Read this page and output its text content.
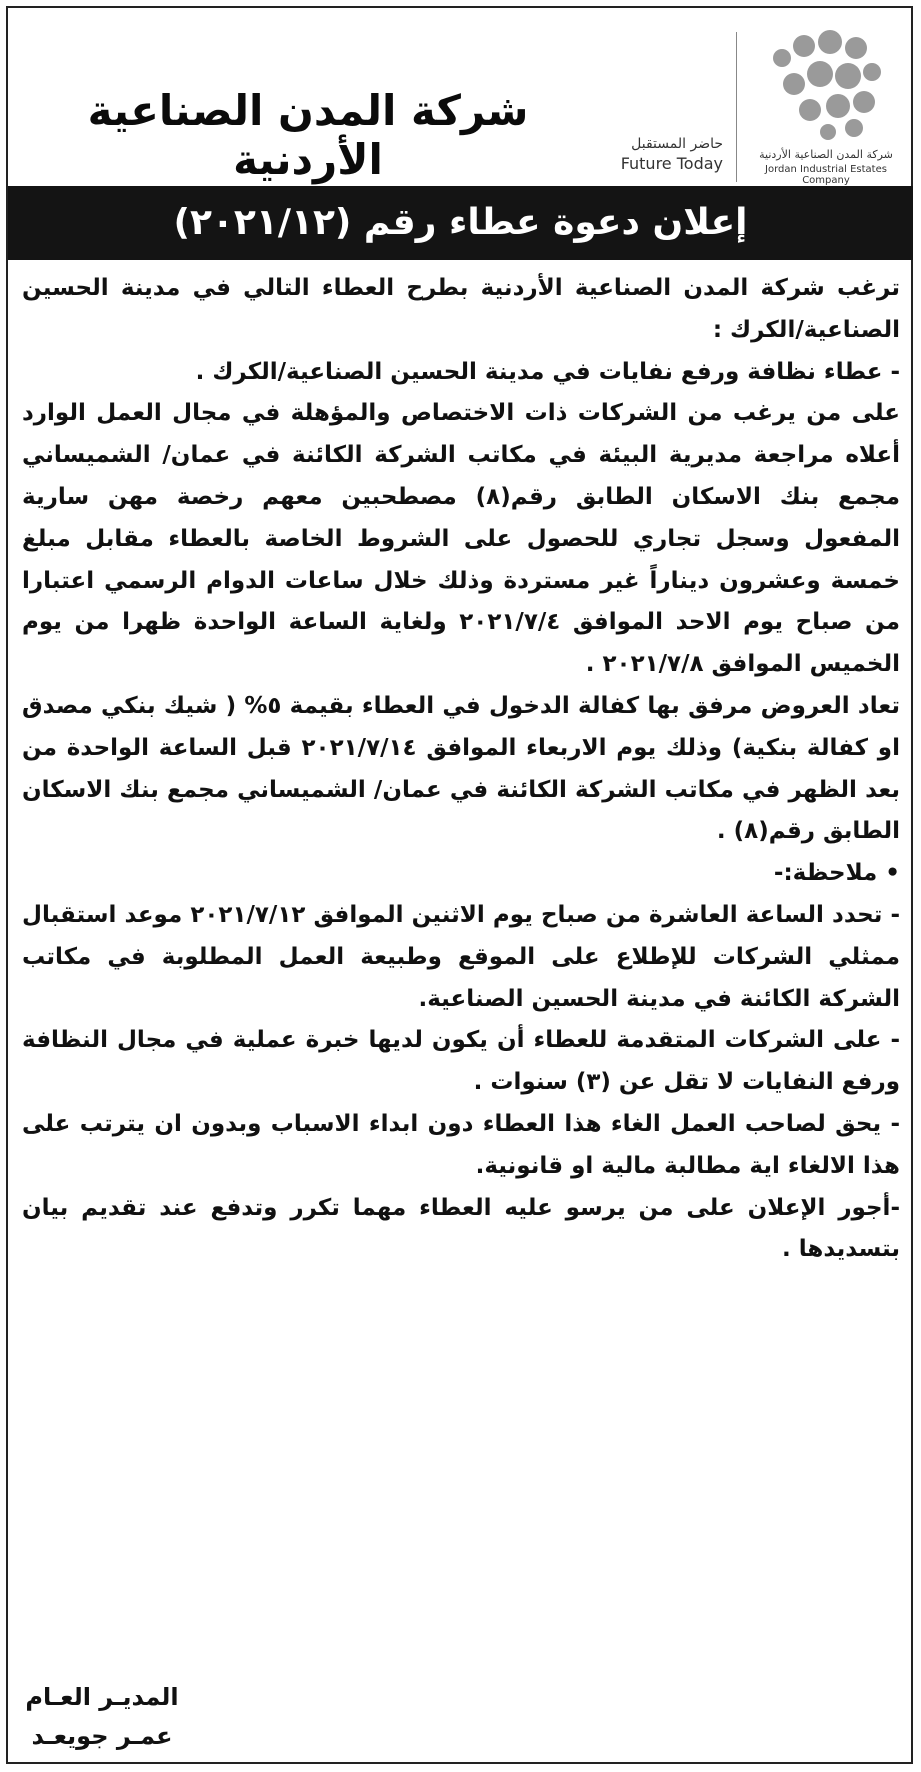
شركة المدن الصناعية الأردنية	حاضر المستقبل
Future Today	شركة المدن الصناعية الأردنية
Jordan Industrial Estates Company
إعلان دعوة عطاء رقم (٢٠٢١/١٢)

ترغب شركة المدن الصناعية الأردنية بطرح العطاء التالي في مدينة الحسين الصناعية/الكرك :

- عطاء نظافة ورفع نفايات في مدينة الحسين الصناعية/الكرك .

على من يرغب من الشركات ذات الاختصاص والمؤهلة في مجال العمل الوارد أعلاه مراجعة مديرية البيئة في مكاتب الشركة الكائنة في عمان/ الشميساني مجمع بنك الاسكان الطابق رقم(٨) مصطحبين معهم رخصة مهن سارية المفعول وسجل تجاري للحصول على الشروط الخاصة بالعطاء مقابل مبلغ خمسة وعشرون ديناراً غير مستردة وذلك خلال ساعات الدوام الرسمي اعتبارا من صباح يوم الاحد الموافق ٢٠٢١/٧/٤ ولغاية الساعة الواحدة ظهرا من يوم الخميس الموافق ٢٠٢١/٧/٨ .

تعاد العروض مرفق بها كفالة الدخول في العطاء بقيمة ٥% ( شيك بنكي مصدق او كفالة بنكية) وذلك يوم الاربعاء الموافق ٢٠٢١/٧/١٤ قبل الساعة الواحدة من بعد الظهر في مكاتب الشركة الكائنة في عمان/ الشميساني مجمع بنك الاسكان الطابق رقم(٨) .

• ملاحظة:-

- تحدد الساعة العاشرة من صباح يوم الاثنين الموافق ٢٠٢١/٧/١٢ موعد استقبال ممثلي الشركات للإطلاع على الموقع وطبيعة العمل المطلوبة في مكاتب الشركة الكائنة في مدينة الحسين الصناعية.

- على الشركات المتقدمة للعطاء أن يكون لديها خبرة عملية في مجال النظافة ورفع النفايات لا تقل عن (٣) سنوات .

- يحق لصاحب العمل الغاء هذا العطاء دون ابداء الاسباب وبدون ان يترتب على هذا الالغاء اية مطالبة مالية او قانونية.

-أجور الإعلان على من يرسو عليه العطاء مهما تكرر وتدفع عند تقديم بيان بتسديدها .

المديـر العـام
عمـر جويعـد
